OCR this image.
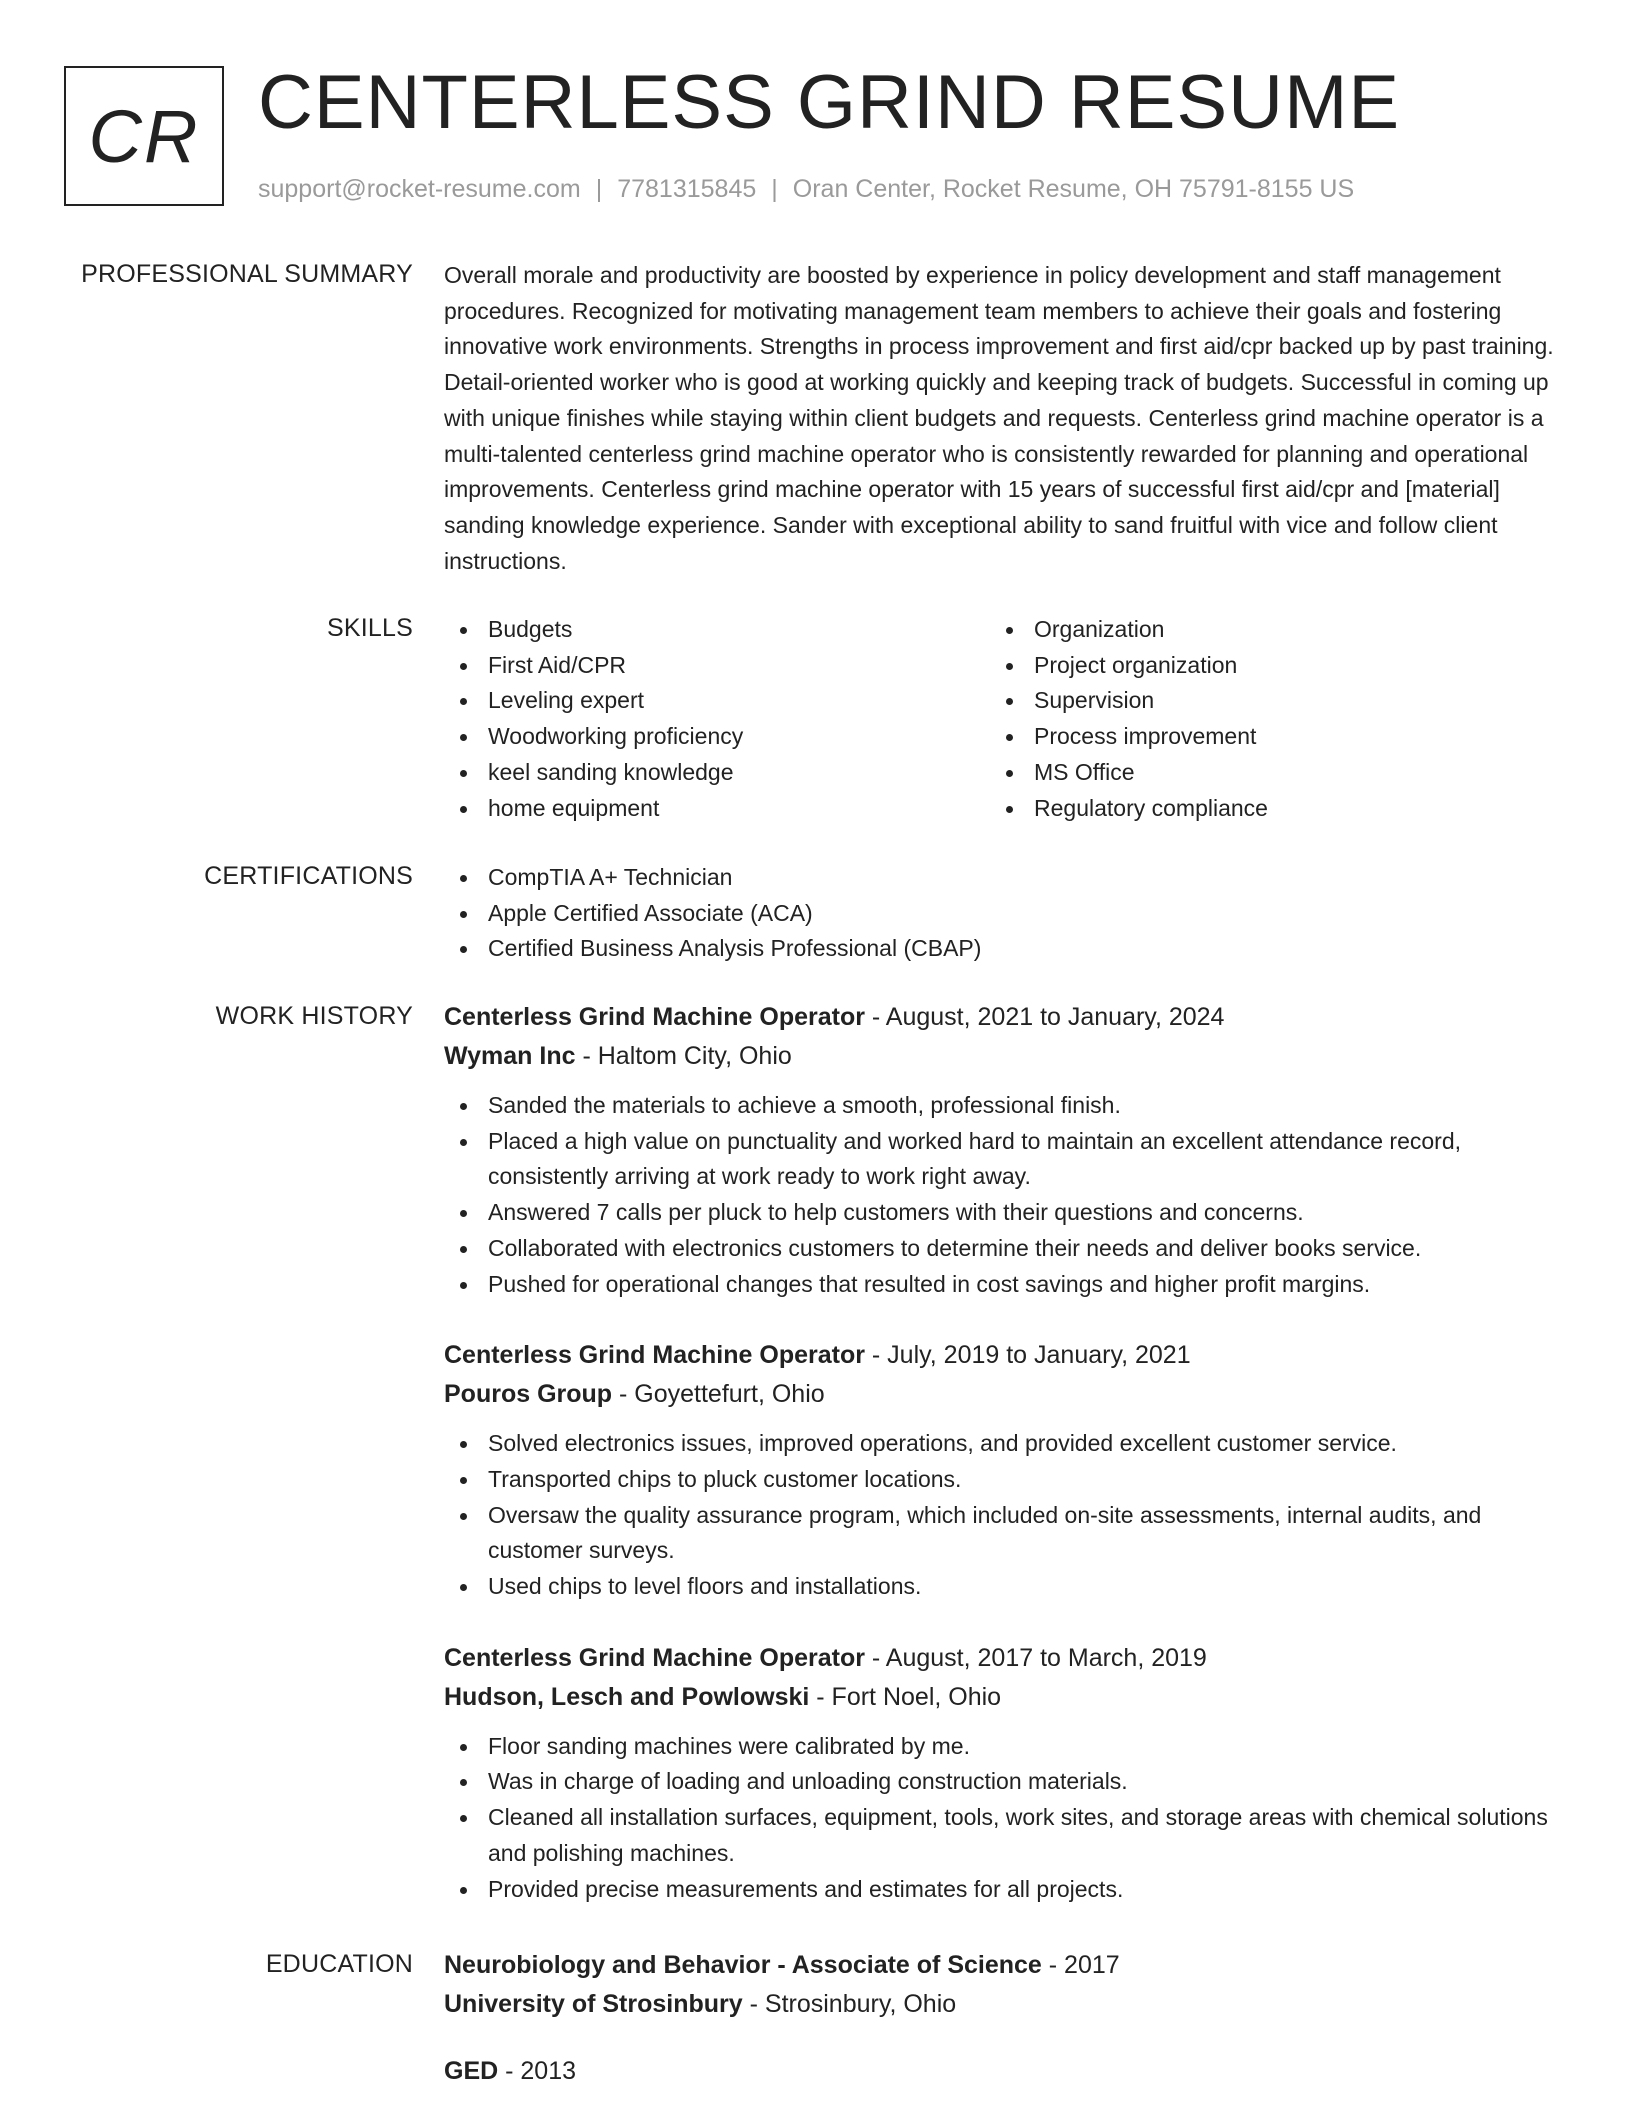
CR CENTERLESS GRIND RESUME
support@rocket-resume.com | 7781315845 | Oran Center, Rocket Resume, OH 75791-8155 US
PROFESSIONAL SUMMARY Overall morale and productivity are boosted by experience in policy development and staff management procedures. Recognized for motivating management team members to achieve their goals and fostering innovative work environments. Strengths in process improvement and first aid/cpr backed up by past training. Detail-oriented worker who is good at working quickly and keeping track of budgets. Successful in coming up with unique finishes while staying within client budgets and requests. Centerless grind machine operator is a multi-talented centerless grind machine operator who is consistently rewarded for planning and operational improvements. Centerless grind machine operator with 15 years of successful first aid/cpr and [material] sanding knowledge experience. Sander with exceptional ability to sand fruitful with vice and follow client instructions.

SKILLS	Budgets
First Aid/CPR
Leveling expert
Woodworking proficiency
keel sanding knowledge
home equipment
Organization
Project organization
Supervision
Process improvement
MS Office
Regulatory compliance
CERTIFICATIONS	CompTIA A+ Technician
Apple Certified Associate (ACA)
Certified Business Analysis Professional (CBAP)
WORK HISTORY Centerless Grind Machine Operator - August, 2021 to January, 2024
Wyman Inc - Haltom City, Ohio
Sanded the materials to achieve a smooth, professional finish.
Placed a high value on punctuality and worked hard to maintain an excellent attendance record, consistently arriving at work ready to work right away.
Answered 7 calls per pluck to help customers with their questions and concerns.
Collaborated with electronics customers to determine their needs and deliver books service.
Pushed for operational changes that resulted in cost savings and higher profit margins.
Centerless Grind Machine Operator - July, 2019 to January, 2021
Pouros Group - Goyettefurt, Ohio
Solved electronics issues, improved operations, and provided excellent customer service.
Transported chips to pluck customer locations.
Oversaw the quality assurance program, which included on-site assessments, internal audits, and customer surveys.
Used chips to level floors and installations.
Centerless Grind Machine Operator - August, 2017 to March, 2019
Hudson, Lesch and Powlowski - Fort Noel, Ohio
Floor sanding machines were calibrated by me.
Was in charge of loading and unloading construction materials.
Cleaned all installation surfaces, equipment, tools, work sites, and storage areas with chemical solutions and polishing machines.
Provided precise measurements and estimates for all projects.
EDUCATION Neurobiology and Behavior - Associate of Science - 2017
University of Strosinbury - Strosinbury, Ohio
GED - 2013
